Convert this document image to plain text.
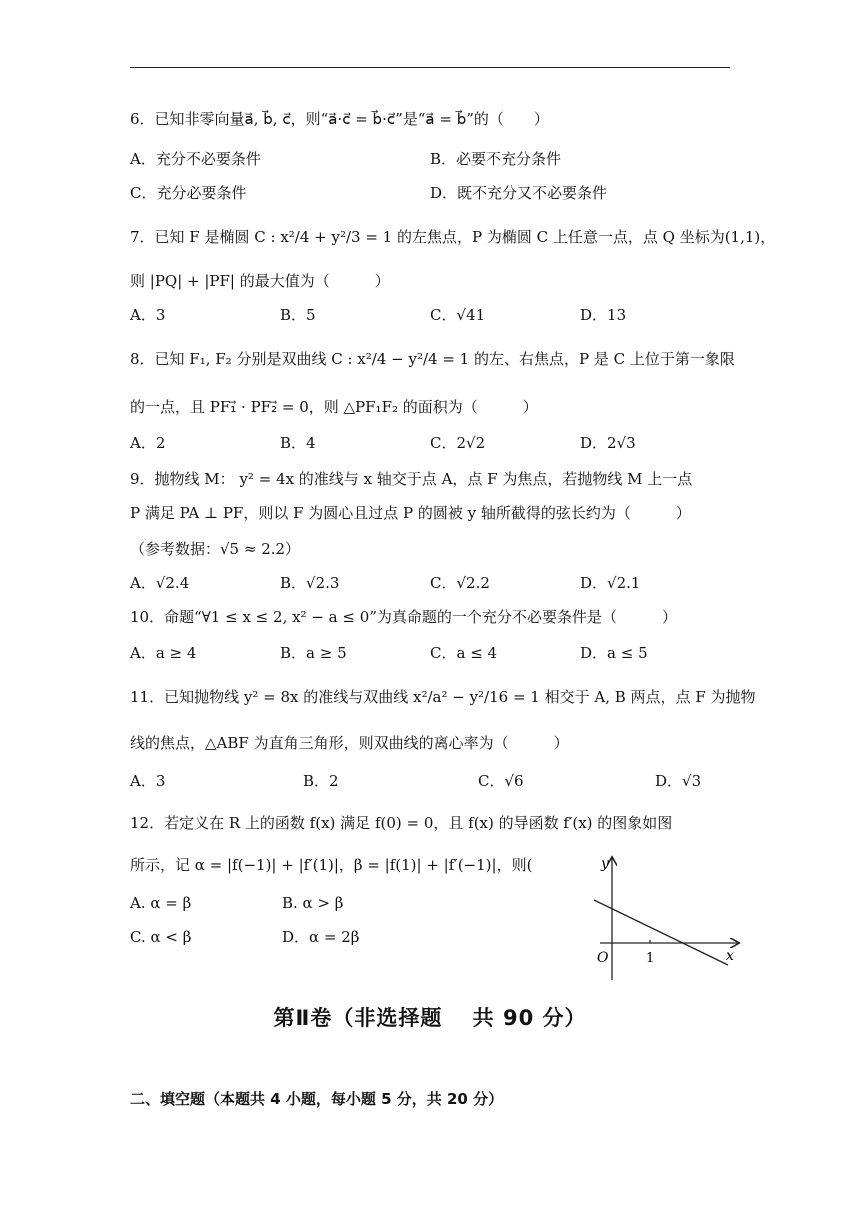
6．已知非零向量a⃗, b⃗, c⃗，则“a⃗·c⃗ = b⃗·c⃗”是“a⃗ = b⃗”的（　　）
A．充分不必要条件	B．必要不充分条件
C．充分必要条件	D．既不充分又不必要条件
7．已知 F 是椭圆 C : x²/4 + y²/3 = 1 的左焦点，P 为椭圆 C 上任意一点，点 Q 坐标为(1,1)，
则 |PQ| + |PF| 的最大值为（　　　）
A．3	B．5	C．√41	D．13
8．已知 F₁, F₂ 分别是双曲线 C : x²/4 − y²/4 = 1 的左、右焦点，P 是 C 上位于第一象限
的一点，且 PF₁⃗ · PF₂⃗ = 0，则 △PF₁F₂ 的面积为（　　　）
A．2	B．4	C．2√2	D．2√3
9．抛物线 M： y² = 4x 的准线与 x 轴交于点 A，点 F 为焦点，若抛物线 M 上一点
P 满足 PA ⊥ PF，则以 F 为圆心且过点 P 的圆被 y 轴所截得的弦长约为（　　　）
（参考数据：√5 ≈ 2.2）
A．√2.4	B．√2.3	C．√2.2	D．√2.1
10．命题“∀1 ≤ x ≤ 2, x² − a ≤ 0”为真命题的一个充分不必要条件是（　　　）
A．a ≥ 4	B．a ≥ 5	C．a ≤ 4	D．a ≤ 5
11．已知抛物线 y² = 8x 的准线与双曲线 x²/a² − y²/16 = 1 相交于 A, B 两点，点 F 为抛物
线的焦点，△ABF 为直角三角形，则双曲线的离心率为（　　　）
A．3	B．2	C．√6	D．√3
12．若定义在 R 上的函数 f(x) 满足 f(0) = 0，且 f(x) 的导函数 f′(x) 的图象如图
所示，记 α = |f(−1)| + |f′(1)|，β = |f(1)| + |f′(−1)|，则(
A. α = β	B. α > β
C. α < β	D．α = 2β
y
x
O	1
第Ⅱ卷（非选择题　 共 90 分）
二、填空题（本题共 4 小题，每小题 5 分，共 20 分）
